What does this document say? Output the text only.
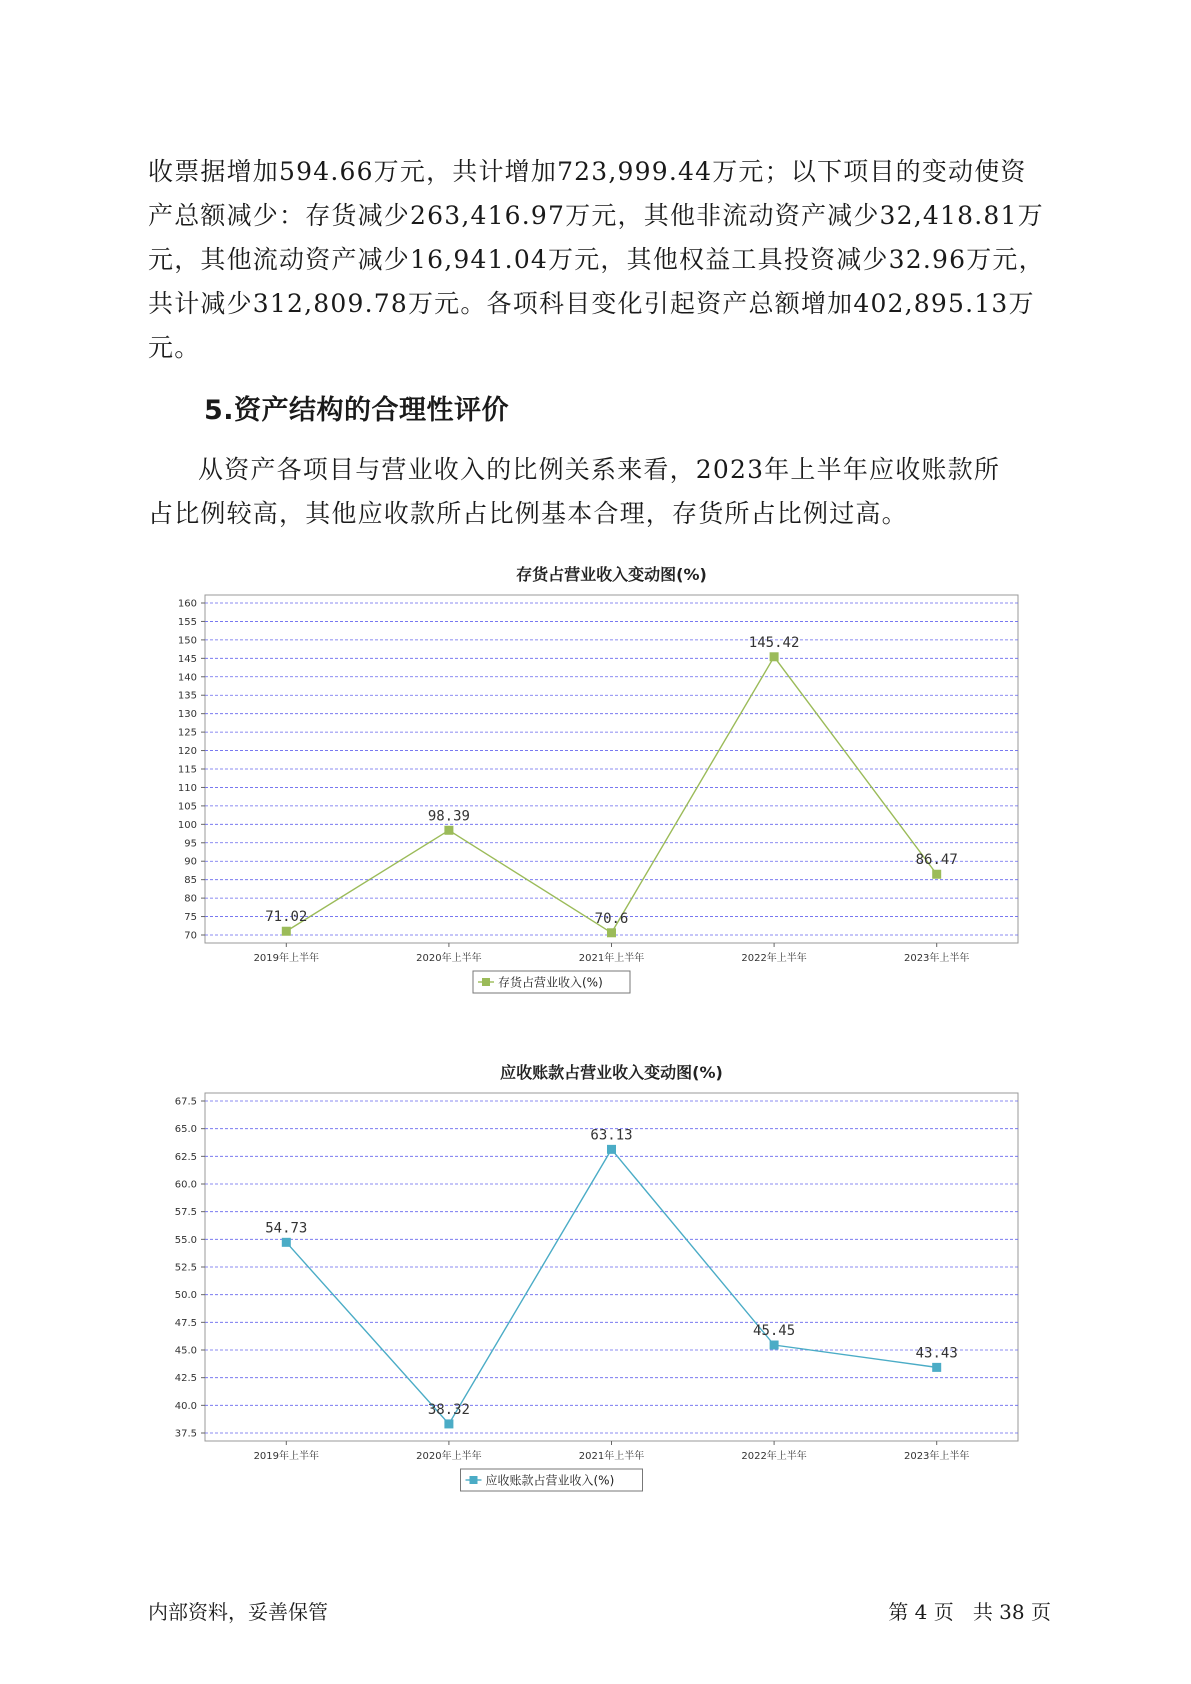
收票据增加594.66万元，共计增加723,999.44万元；以下项目的变动使资
产总额减少：存货减少263,416.97万元，其他非流动资产减少32,418.81万
元，其他流动资产减少16,941.04万元，其他权益工具投资减少32.96万元，
共计减少312,809.78万元。各项科目变化引起资产总额增加402,895.13万
元。
5.资产结构的合理性评价
从资产各项目与营业收入的比例关系来看，2023年上半年应收账款所
占比例较高，其他应收款所占比例基本合理，存货所占比例过高。
存货占营业收入变动图(%)
70
75
80
85
90
95
100
105
110
115
120
125
130
135
140
145
150
155
160
2019年上半年	2020年上半年	2021年上半年	2022年上半年	2023年上半年
71.02
98.39
70.6
145.42
86.47
存货占营业收入(%)
应收账款占营业收入变动图(%)
37.5
40.0
42.5
45.0
47.5
50.0
52.5
55.0
57.5
60.0
62.5
65.0
67.5
2019年上半年	2020年上半年	2021年上半年	2022年上半年	2023年上半年
54.73
38.32
63.13
45.45
43.43
应收账款占营业收入(%)
内部资料，妥善保管	第 4 页   共 38 页
